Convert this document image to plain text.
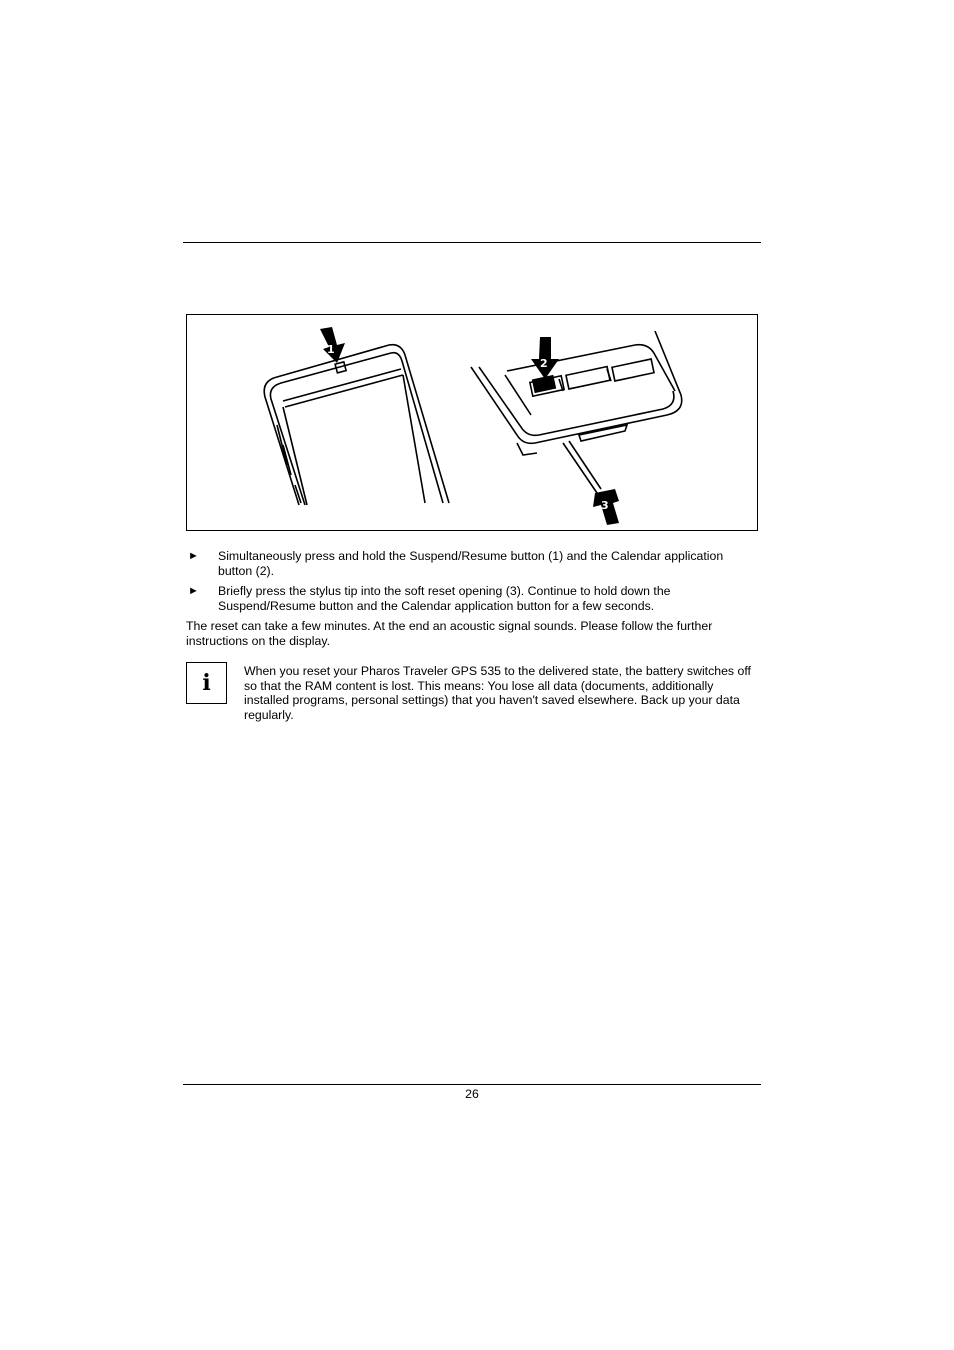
1
2
3
► Simultaneously press and hold the Suspend/Resume button (1) and the Calendar application button (2).
► Briefly press the stylus tip into the soft reset opening (3). Continue to hold down the Suspend/Resume button and the Calendar application button for a few seconds.
The reset can take a few minutes. At the end an acoustic signal sounds. Please follow the further instructions on the display.
i	When you reset your Pharos Traveler GPS 535 to the delivered state, the battery switches off so that the RAM content is lost. This means: You lose all data (documents, additionally installed programs, personal settings) that you haven't saved elsewhere. Back up your data regularly.
26
